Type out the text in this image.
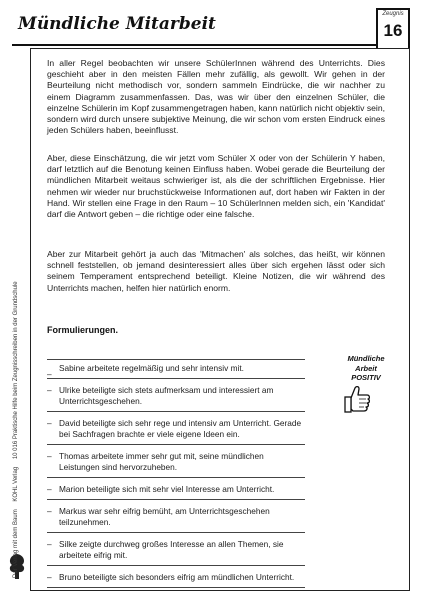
Mündliche Mitarbeit	Zeugnis
16

In aller Regel beobachten wir unsere SchülerInnen während des Unterrichts. Dies geschieht aber in den meisten Fällen mehr zufällig, als gewollt. Wir gehen in der Beurteilung nicht methodisch vor, sondern sammeln Eindrücke, die wir nachher zu einem Diagramm zusammenfassen. Das, was wir über den einzelnen Schüler, die einzelne Schülerin im Kopf zusammengetragen haben, kann natürlich nicht objektiv sein, sondern wird durch unsere subjektive Meinung, die wir schon vom ersten Eindruck eines jeden Schülers haben, beeinflusst.

Aber, diese Einschätzung, die wir jetzt vom Schüler X oder von der Schülerin Y haben, darf letztlich auf die Benotung keinen Einfluss haben. Wobei gerade die Beurteilung der mündlichen Mitarbeit weitaus schwieriger ist, als die der schriftlichen Ergebnisse. Hier nehmen wir wieder nur bruchstückweise Informationen auf, dort haben wir Fakten in der Hand. Wir stellen eine Frage in den Raum – 10 SchülerInnen melden sich, ein 'Kandidat' darf die Antwort geben – die richtige oder eine falsche.

Aber zur Mitarbeit gehört ja auch das 'Mitmachen' als solches, das heißt, wir können schnell feststellen, ob jemand desinteressiert alles über sich ergehen lässt oder sich seinem Temperament entsprechend beteiligt. Kleine Notizen, die wir während des Unterrichts machen, helfen hier natürlich enorm.

Formulierungen.
–
Sabine arbeitete regelmäßig und sehr intensiv mit.
– Ulrike beteiligte sich stets aufmerksam und interessiert am Unterrichtsgeschehen.
– David beteiligte sich sehr rege und intensiv am Unterricht. Gerade bei Sachfragen brachte er viele eigene Ideen ein.
– Thomas arbeitete immer sehr gut mit, seine mündlichen Leistungen sind hervorzuheben.
– Marion beteiligte sich mit sehr viel Interesse am Unterricht.
– Markus war sehr eifrig bemüht, am Unterrichtsgeschehen teilzunehmen.
– Silke zeigte durchweg großes Interesse an allen Themen, sie arbeitete eifrig mit.
– Bruno beteiligte sich besonders eifrig am mündlichen Unterricht.
Mündliche
Arbeit
POSITIV
Der Verlag mit dem Baum KOHL Verlag 10 016 Praktische Hilfe beim Zeugnisschreiben in der Grundschule
